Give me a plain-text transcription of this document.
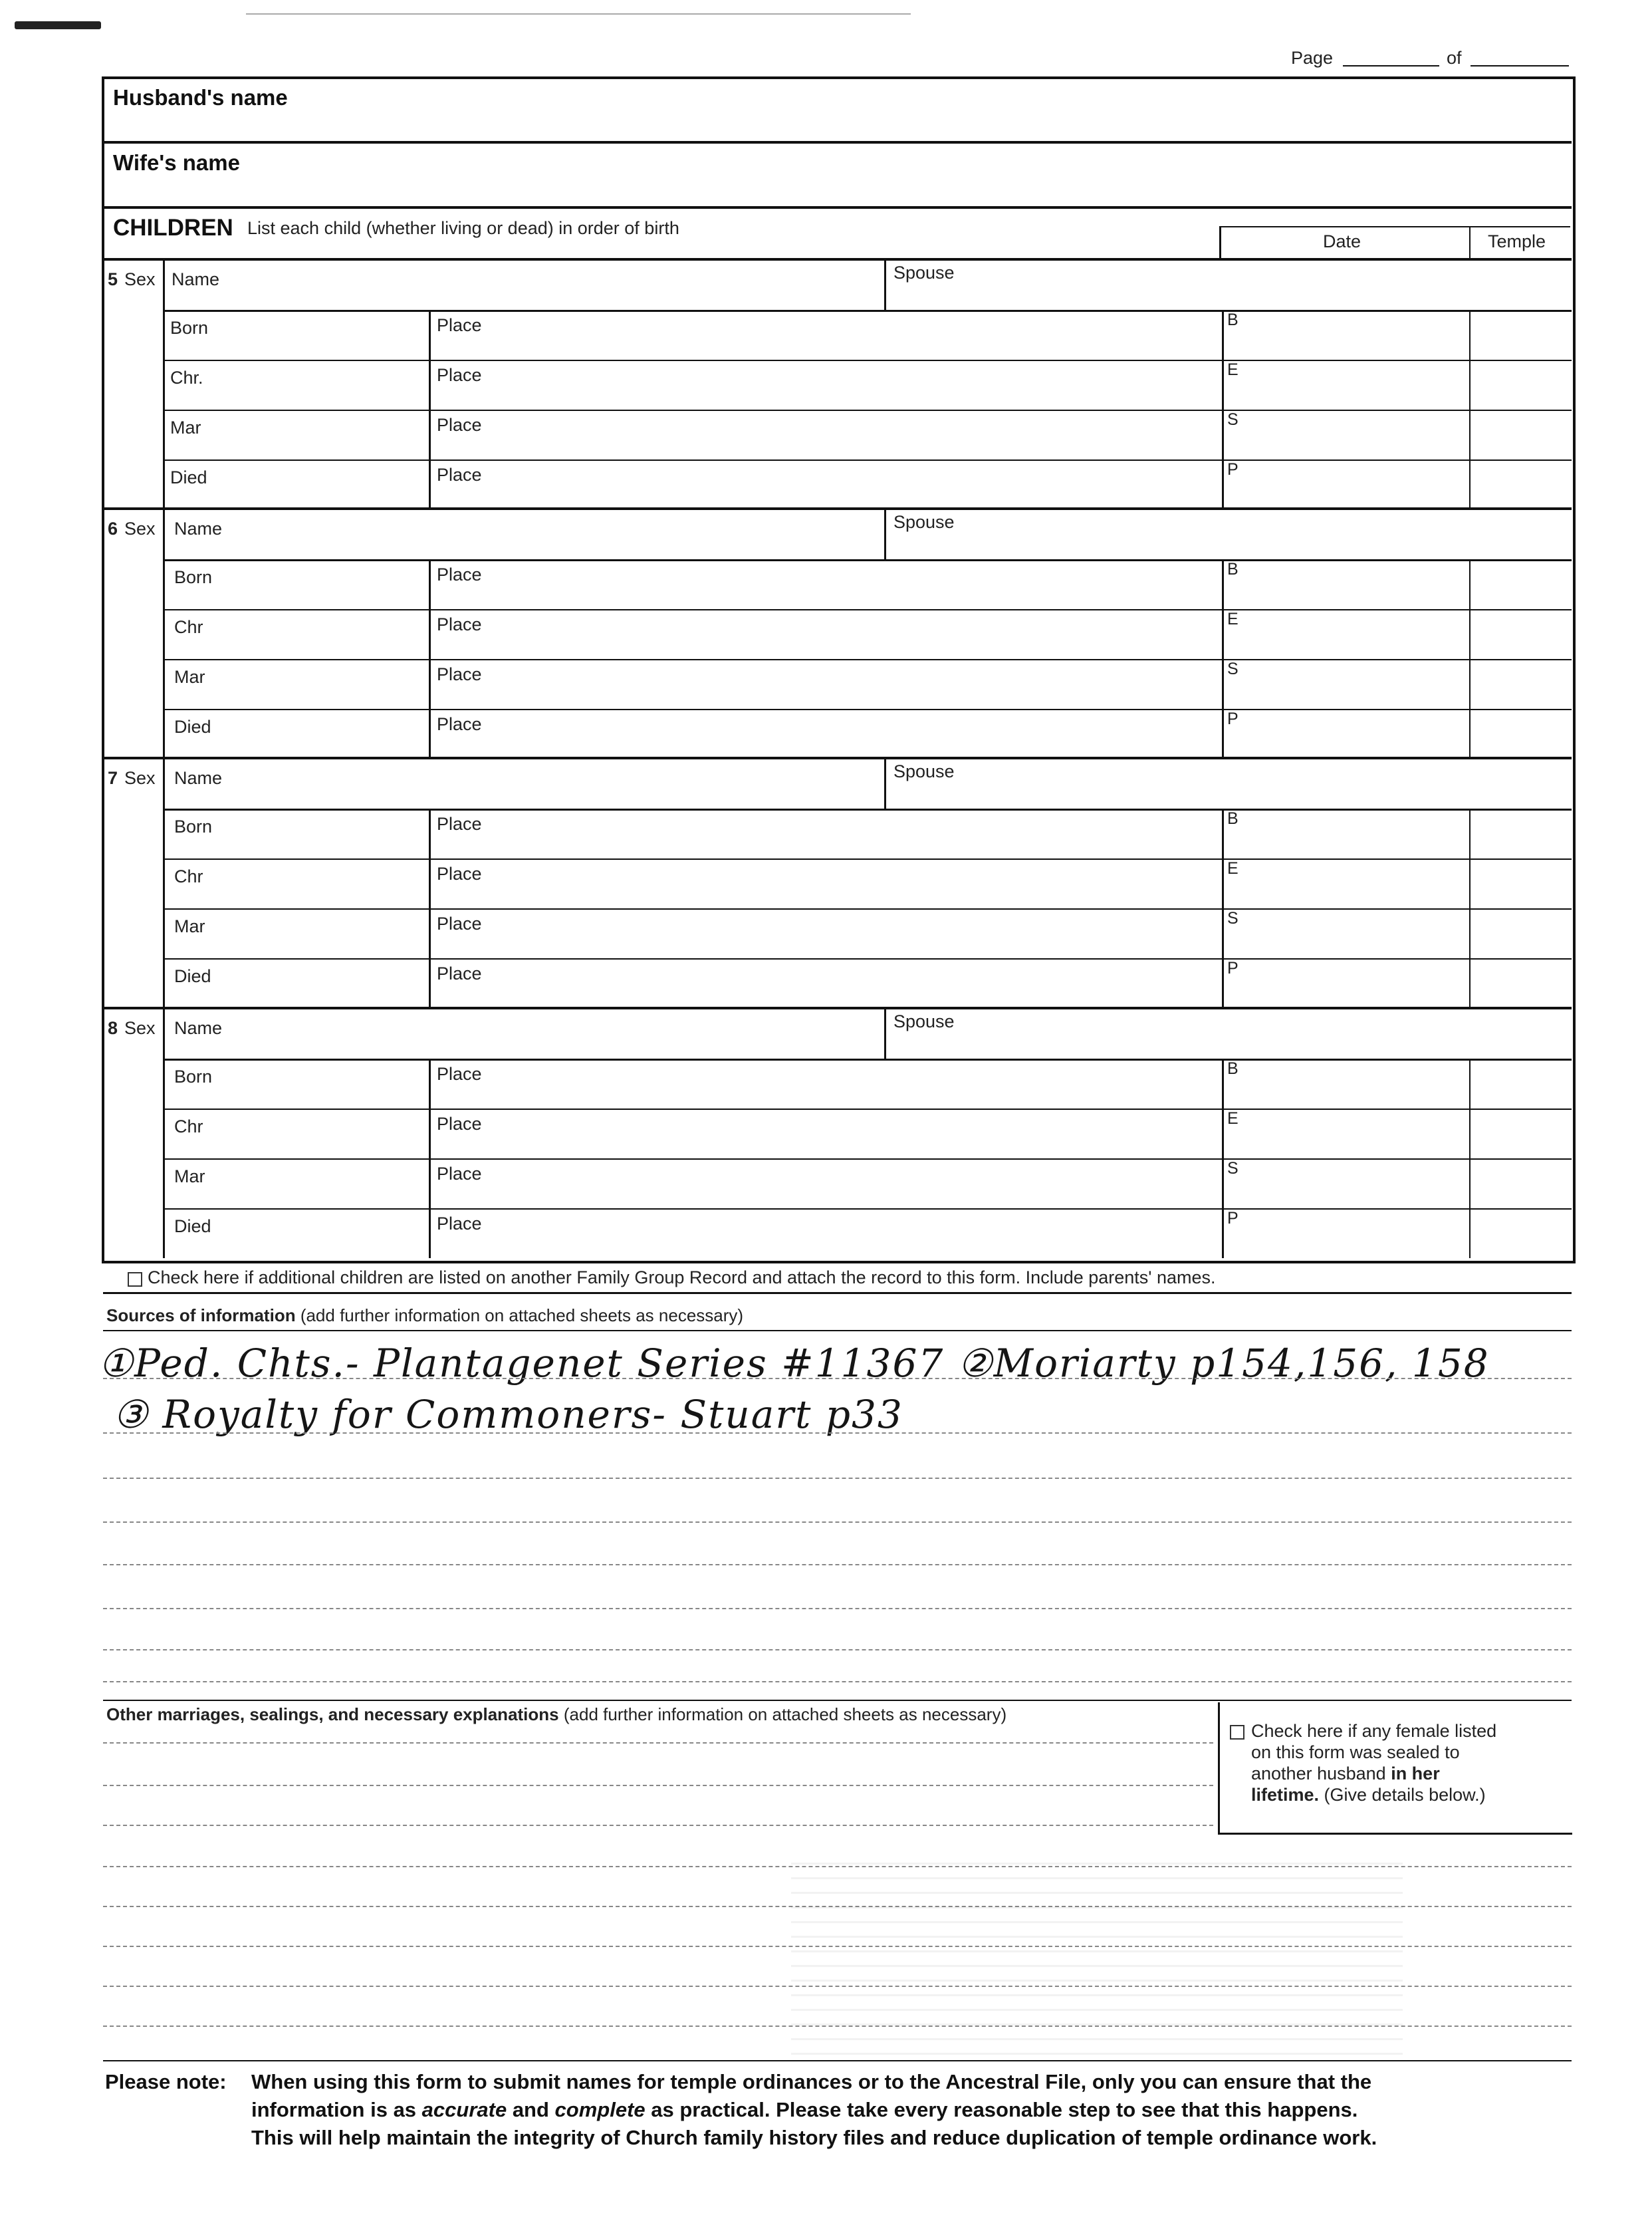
Page	of
Husband's name
Wife's name
CHILDREN List each child (whether living or dead) in order of birth
Date	Temple
5 Sex Name	Spouse
Born	Place	B
Chr.	Place	E
Mar	Place	S
Died	Place	P
6 Sex Name	Spouse
Born	Place	B
Chr	Place	E
Mar	Place	S
Died	Place	P
7 Sex Name	Spouse
Born	Place	B
Chr	Place	E
Mar	Place	S
Died	Place	P
8 Sex Name	Spouse
Born	Place	B
Chr	Place	E
Mar	Place	S
Died	Place	P
Check here if additional children are listed on another Family Group Record and attach the record to this form. Include parents' names.
Sources of information (add further information on attached sheets as necessary)
①Ped. Chts.- Plantagenet Series #11367 ②Moriarty p154,156, 158
③ Royalty for Commoners- Stuart p33
Other marriages, sealings, and necessary explanations (add further information on attached sheets as necessary)
Check here if any female listed
on this form was sealed to
another husband in her
lifetime. (Give details below.)
Please note: When using this form to submit names for temple ordinances or to the Ancestral File, only you can ensure that the
information is as accurate and complete as practical. Please take every reasonable step to see that this happens.
This will help maintain the integrity of Church family history files and reduce duplication of temple ordinance work.
